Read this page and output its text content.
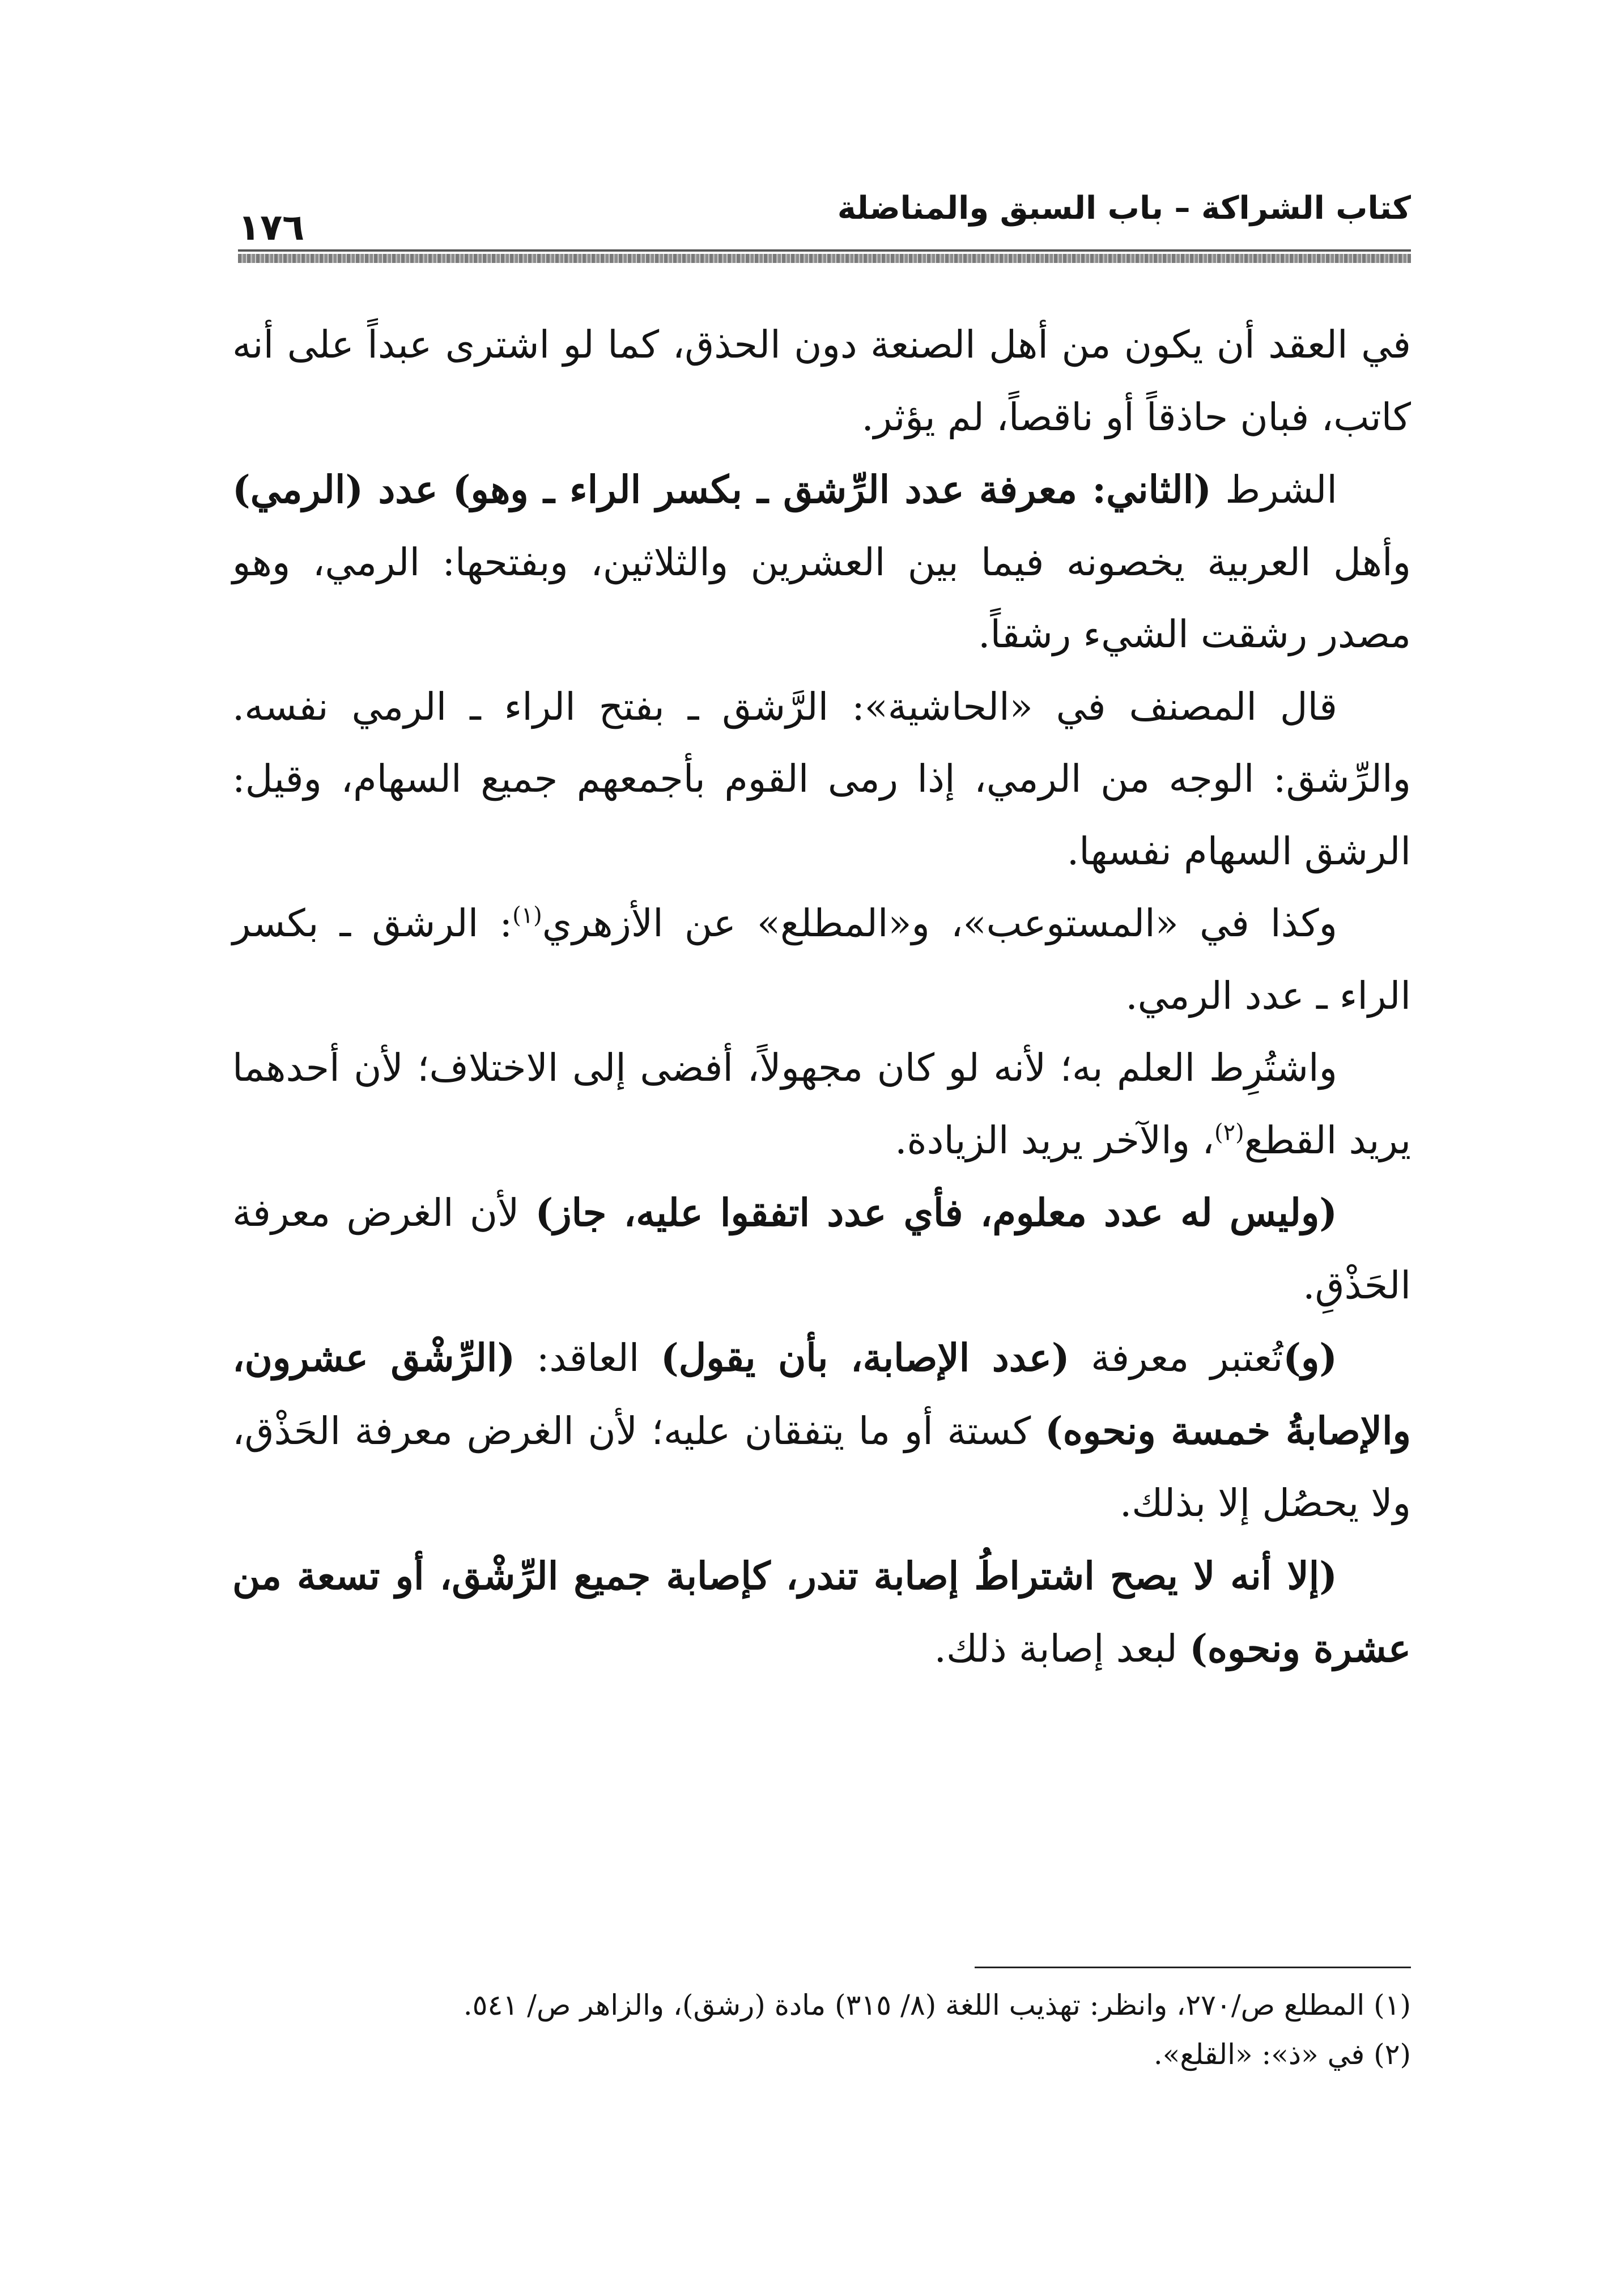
١٧٦	كتاب الشراكة – باب السبق والمناضلة

في العقد أن يكون من أهل الصنعة دون الحذق، كما لو اشترى عبداً على أنه كاتب، فبان حاذقاً أو ناقصاً، لم يؤثر.

الشرط (الثاني: معرفة عدد الرِّشق ـ بكسر الراء ـ وهو) عدد (الرمي) وأهل العربية يخصونه فيما بين العشرين والثلاثين، وبفتحها: الرمي، وهو مصدر رشقت الشيء رشقاً.

قال المصنف في «الحاشية»: الرَّشق ـ بفتح الراء ـ الرمي نفسه. والرِّشق: الوجه من الرمي، إذا رمى القوم بأجمعهم جميع السهام، وقيل: الرشق السهام نفسها.

وكذا في «المستوعب»، و«المطلع» عن الأزهري$^{(١)}$: الرشق ـ بكسر الراء ـ عدد الرمي.

واشتُرِط العلم به؛ لأنه لو كان مجهولاً، أفضى إلى الاختلاف؛ لأن أحدهما يريد القطع$^{(٢)}$، والآخر يريد الزيادة.

(وليس له عدد معلوم، فأي عدد اتفقوا عليه، جاز) لأن الغرض معرفة الحَذْقِ.

(و)تُعتبر معرفة (عدد الإصابة، بأن يقول) العاقد: (الرِّشْق عشرون، والإصابةُ خمسة ونحوه) كستة أو ما يتفقان عليه؛ لأن الغرض معرفة الحَذْق، ولا يحصُل إلا بذلك.

(إلا أنه لا يصح اشتراطُ إصابة تندر، كإصابة جميع الرِّشْق، أو تسعة من عشرة ونحوه) لبعد إصابة ذلك.

(١) المطلع ص/٢٧٠، وانظر: تهذيب اللغة (٨/ ٣١٥) مادة (رشق)، والزاهر ص/ ٥٤١.

(٢) في «ذ»: «القلع».
